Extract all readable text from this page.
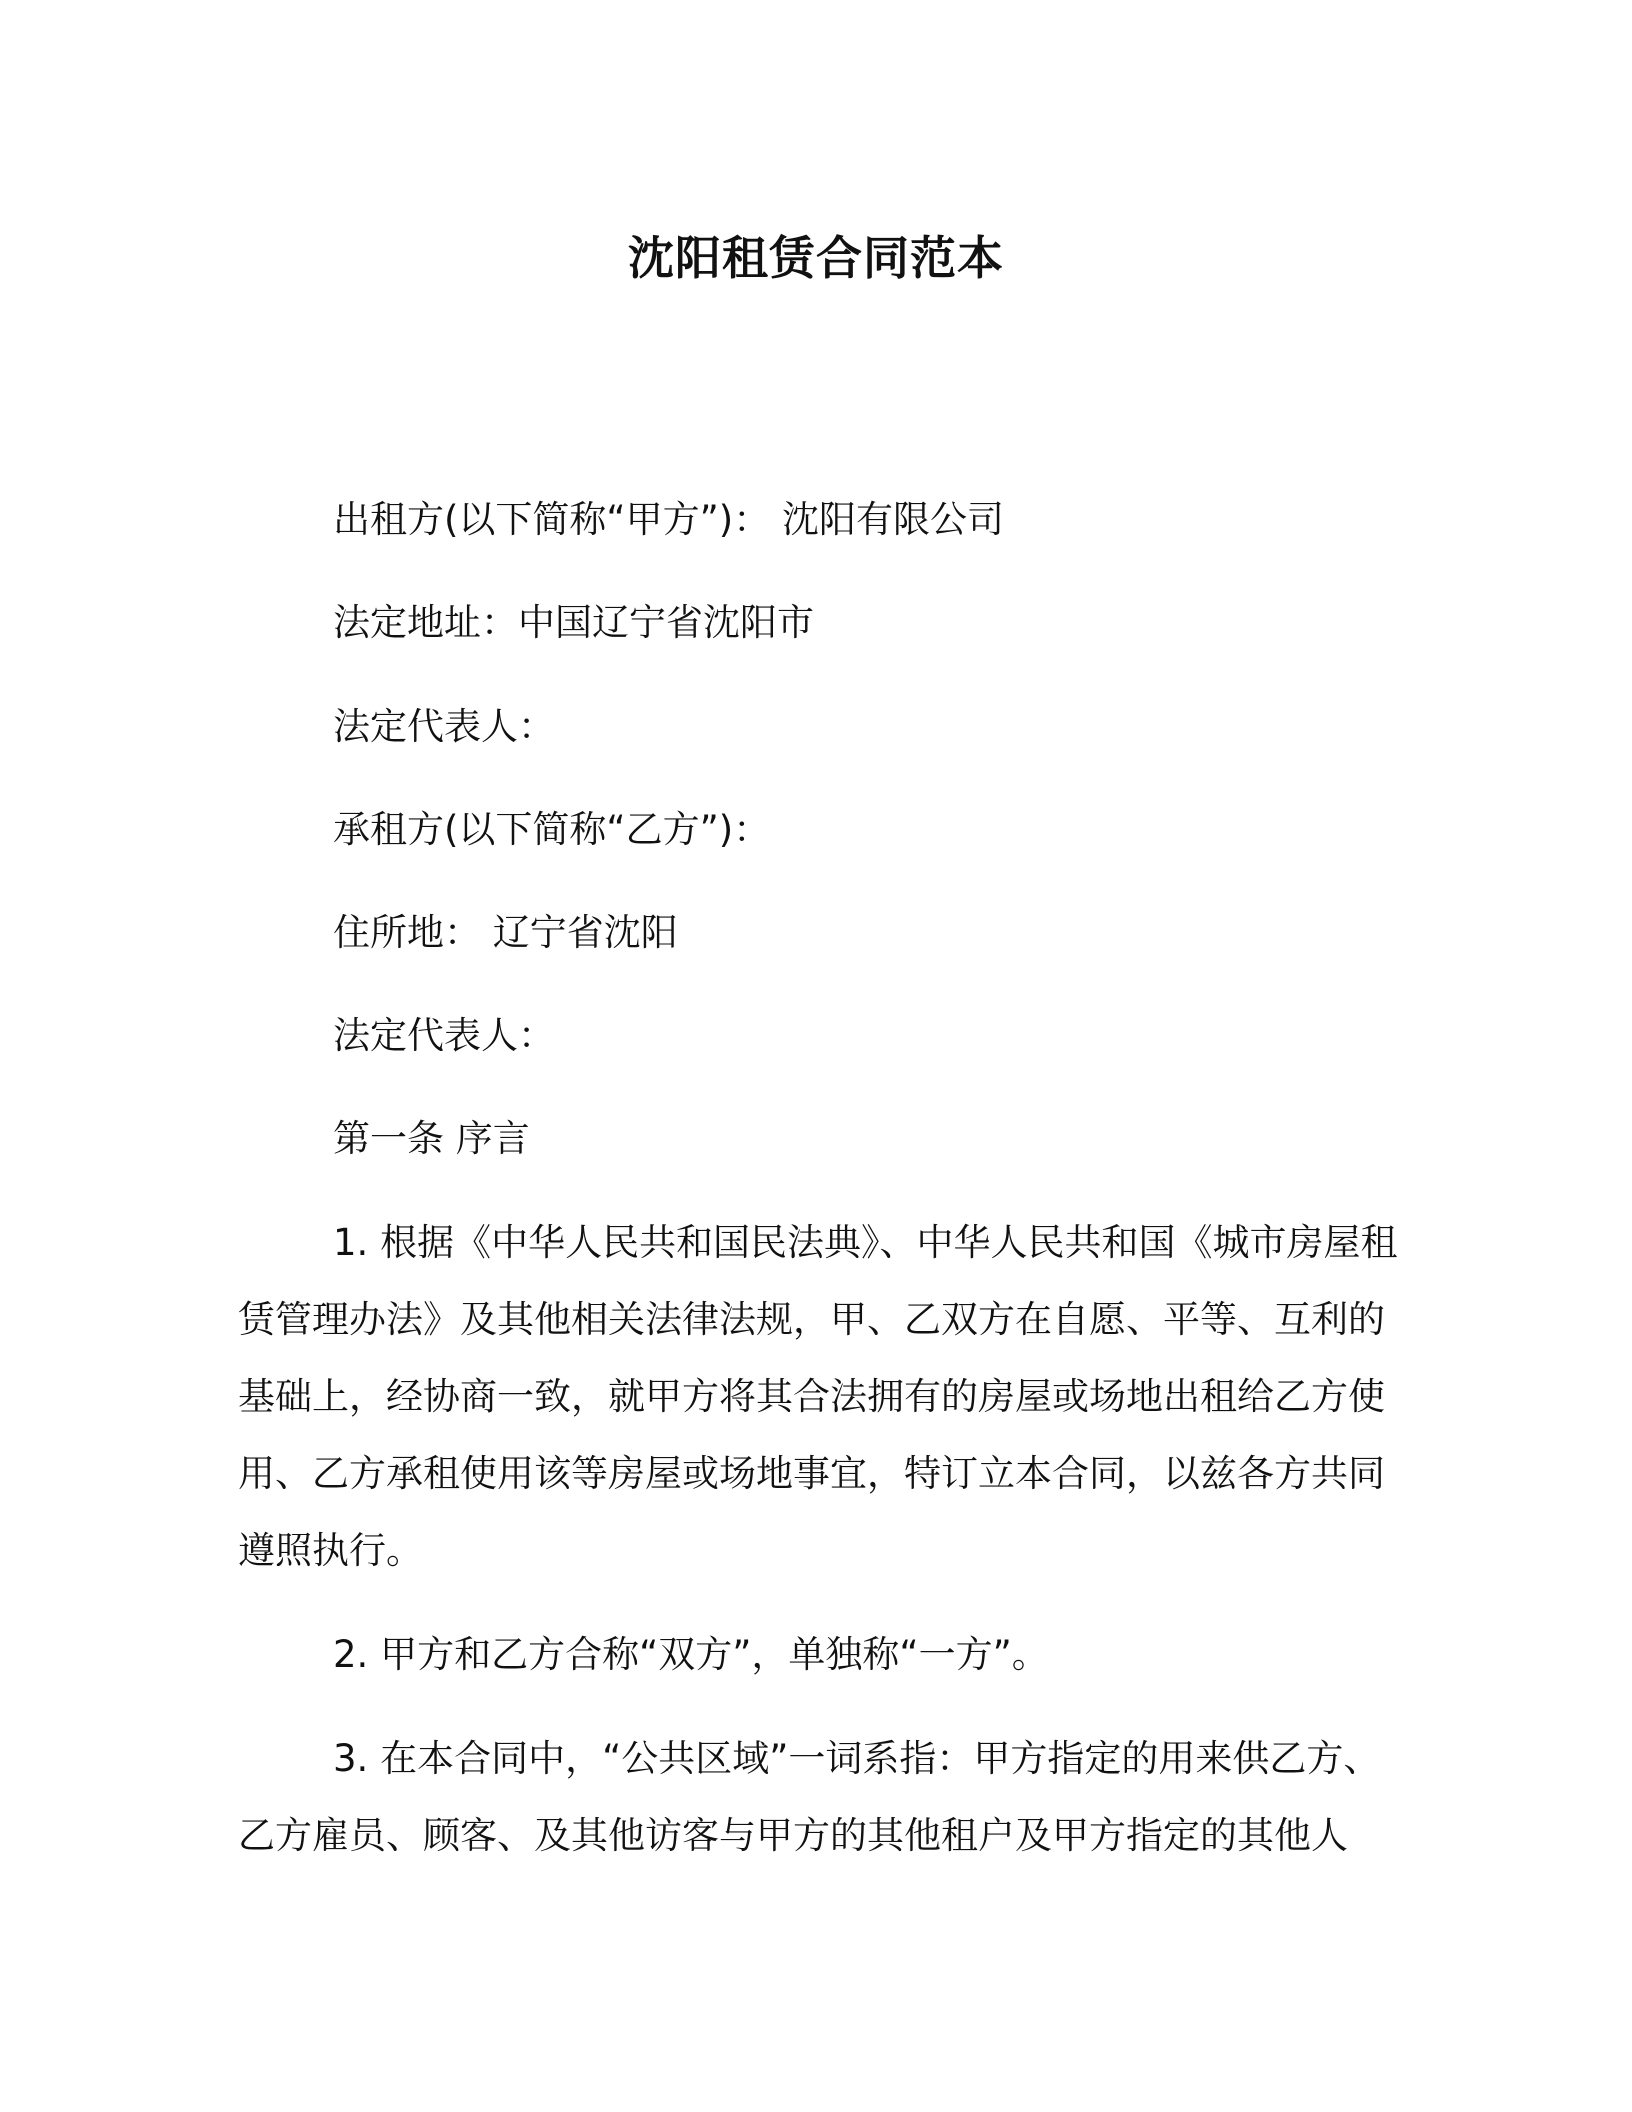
沈阳租赁合同范本
出租方(以下简称“甲方”)： 沈阳有限公司
法定地址：中国辽宁省沈阳市
法定代表人：
承租方(以下简称“乙方”)：
住所地： 辽宁省沈阳
法定代表人：
第一条 序言

1. 根据《中华人民共和国民法典》、中华人民共和国《城市房屋租赁管理办法》及其他相关法律法规，甲、乙双方在自愿、平等、互利的基础上，经协商一致，就甲方将其合法拥有的房屋或场地出租给乙方使用、乙方承租使用该等房屋或场地事宜，特订立本合同，以兹各方共同遵照执行。

2. 甲方和乙方合称“双方”，单独称“一方”。

3. 在本合同中，“公共区域”一词系指：甲方指定的用来供乙方、乙方雇员、顾客、及其他访客与甲方的其他租户及甲方指定的其他人
